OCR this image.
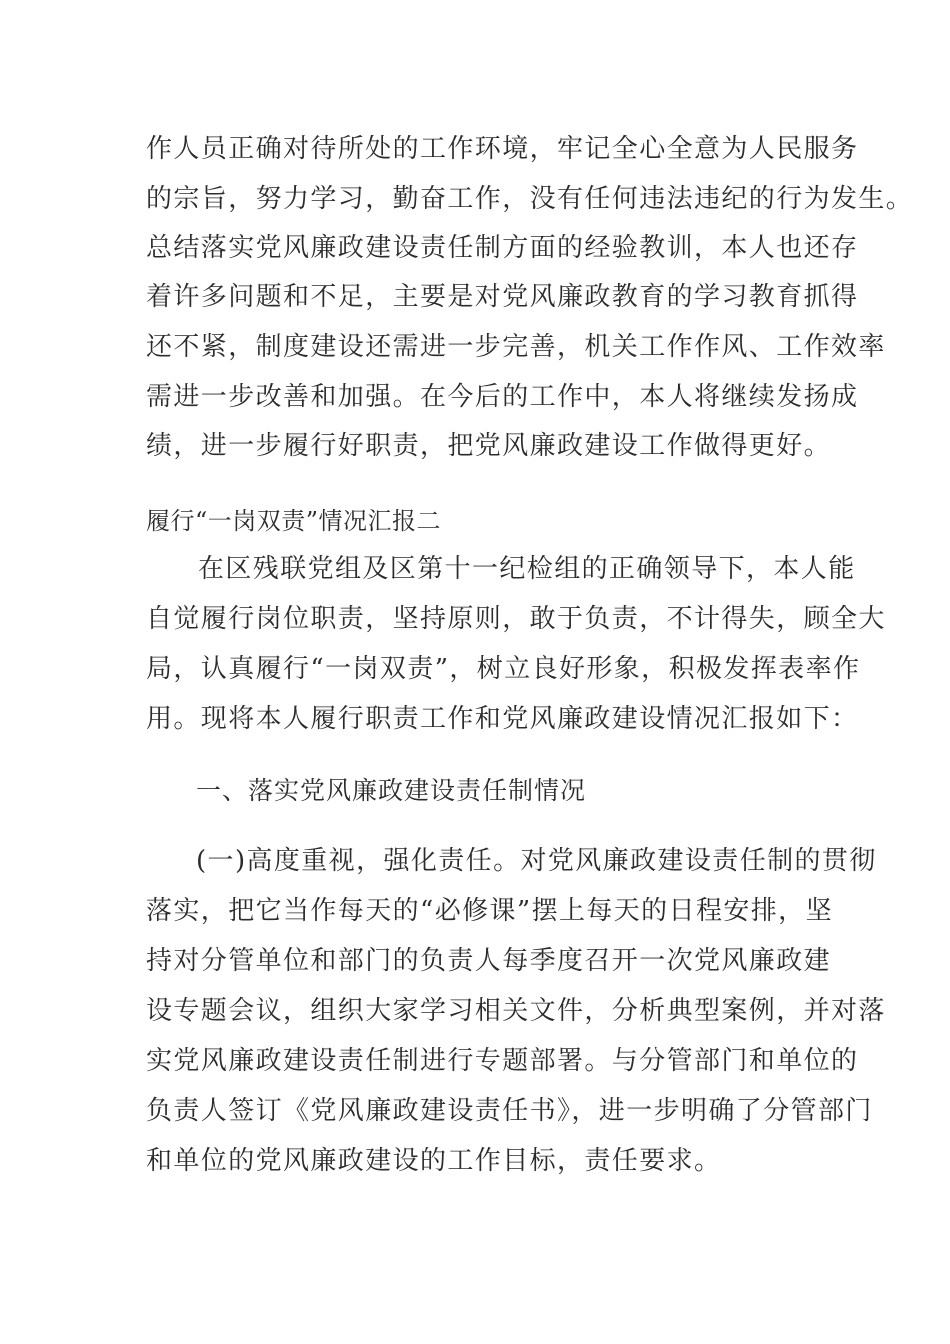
作人员正确对待所处的工作环境，牢记全心全意为人民服务
的宗旨，努力学习，勤奋工作，没有任何违法违纪的行为发生。
总结落实党风廉政建设责任制方面的经验教训，本人也还存
着许多问题和不足，主要是对党风廉政教育的学习教育抓得
还不紧，制度建设还需进一步完善，机关工作作风、工作效率
需进一步改善和加强。在今后的工作中，本人将继续发扬成
绩，进一步履行好职责，把党风廉政建设工作做得更好。
履行“一岗双责”情况汇报二
在区残联党组及区第十一纪检组的正确领导下，本人能
自觉履行岗位职责，坚持原则，敢于负责，不计得失，顾全大
局，认真履行“一岗双责”，树立良好形象，积极发挥表率作
用。现将本人履行职责工作和党风廉政建设情况汇报如下：
一、落实党风廉政建设责任制情况
(一)高度重视，强化责任。对党风廉政建设责任制的贯彻
落实，把它当作每天的“必修课”摆上每天的日程安排，坚
持对分管单位和部门的负责人每季度召开一次党风廉政建
设专题会议，组织大家学习相关文件，分析典型案例，并对落
实党风廉政建设责任制进行专题部署。与分管部门和单位的
负责人签订《党风廉政建设责任书》，进一步明确了分管部门
和单位的党风廉政建设的工作目标，责任要求。
